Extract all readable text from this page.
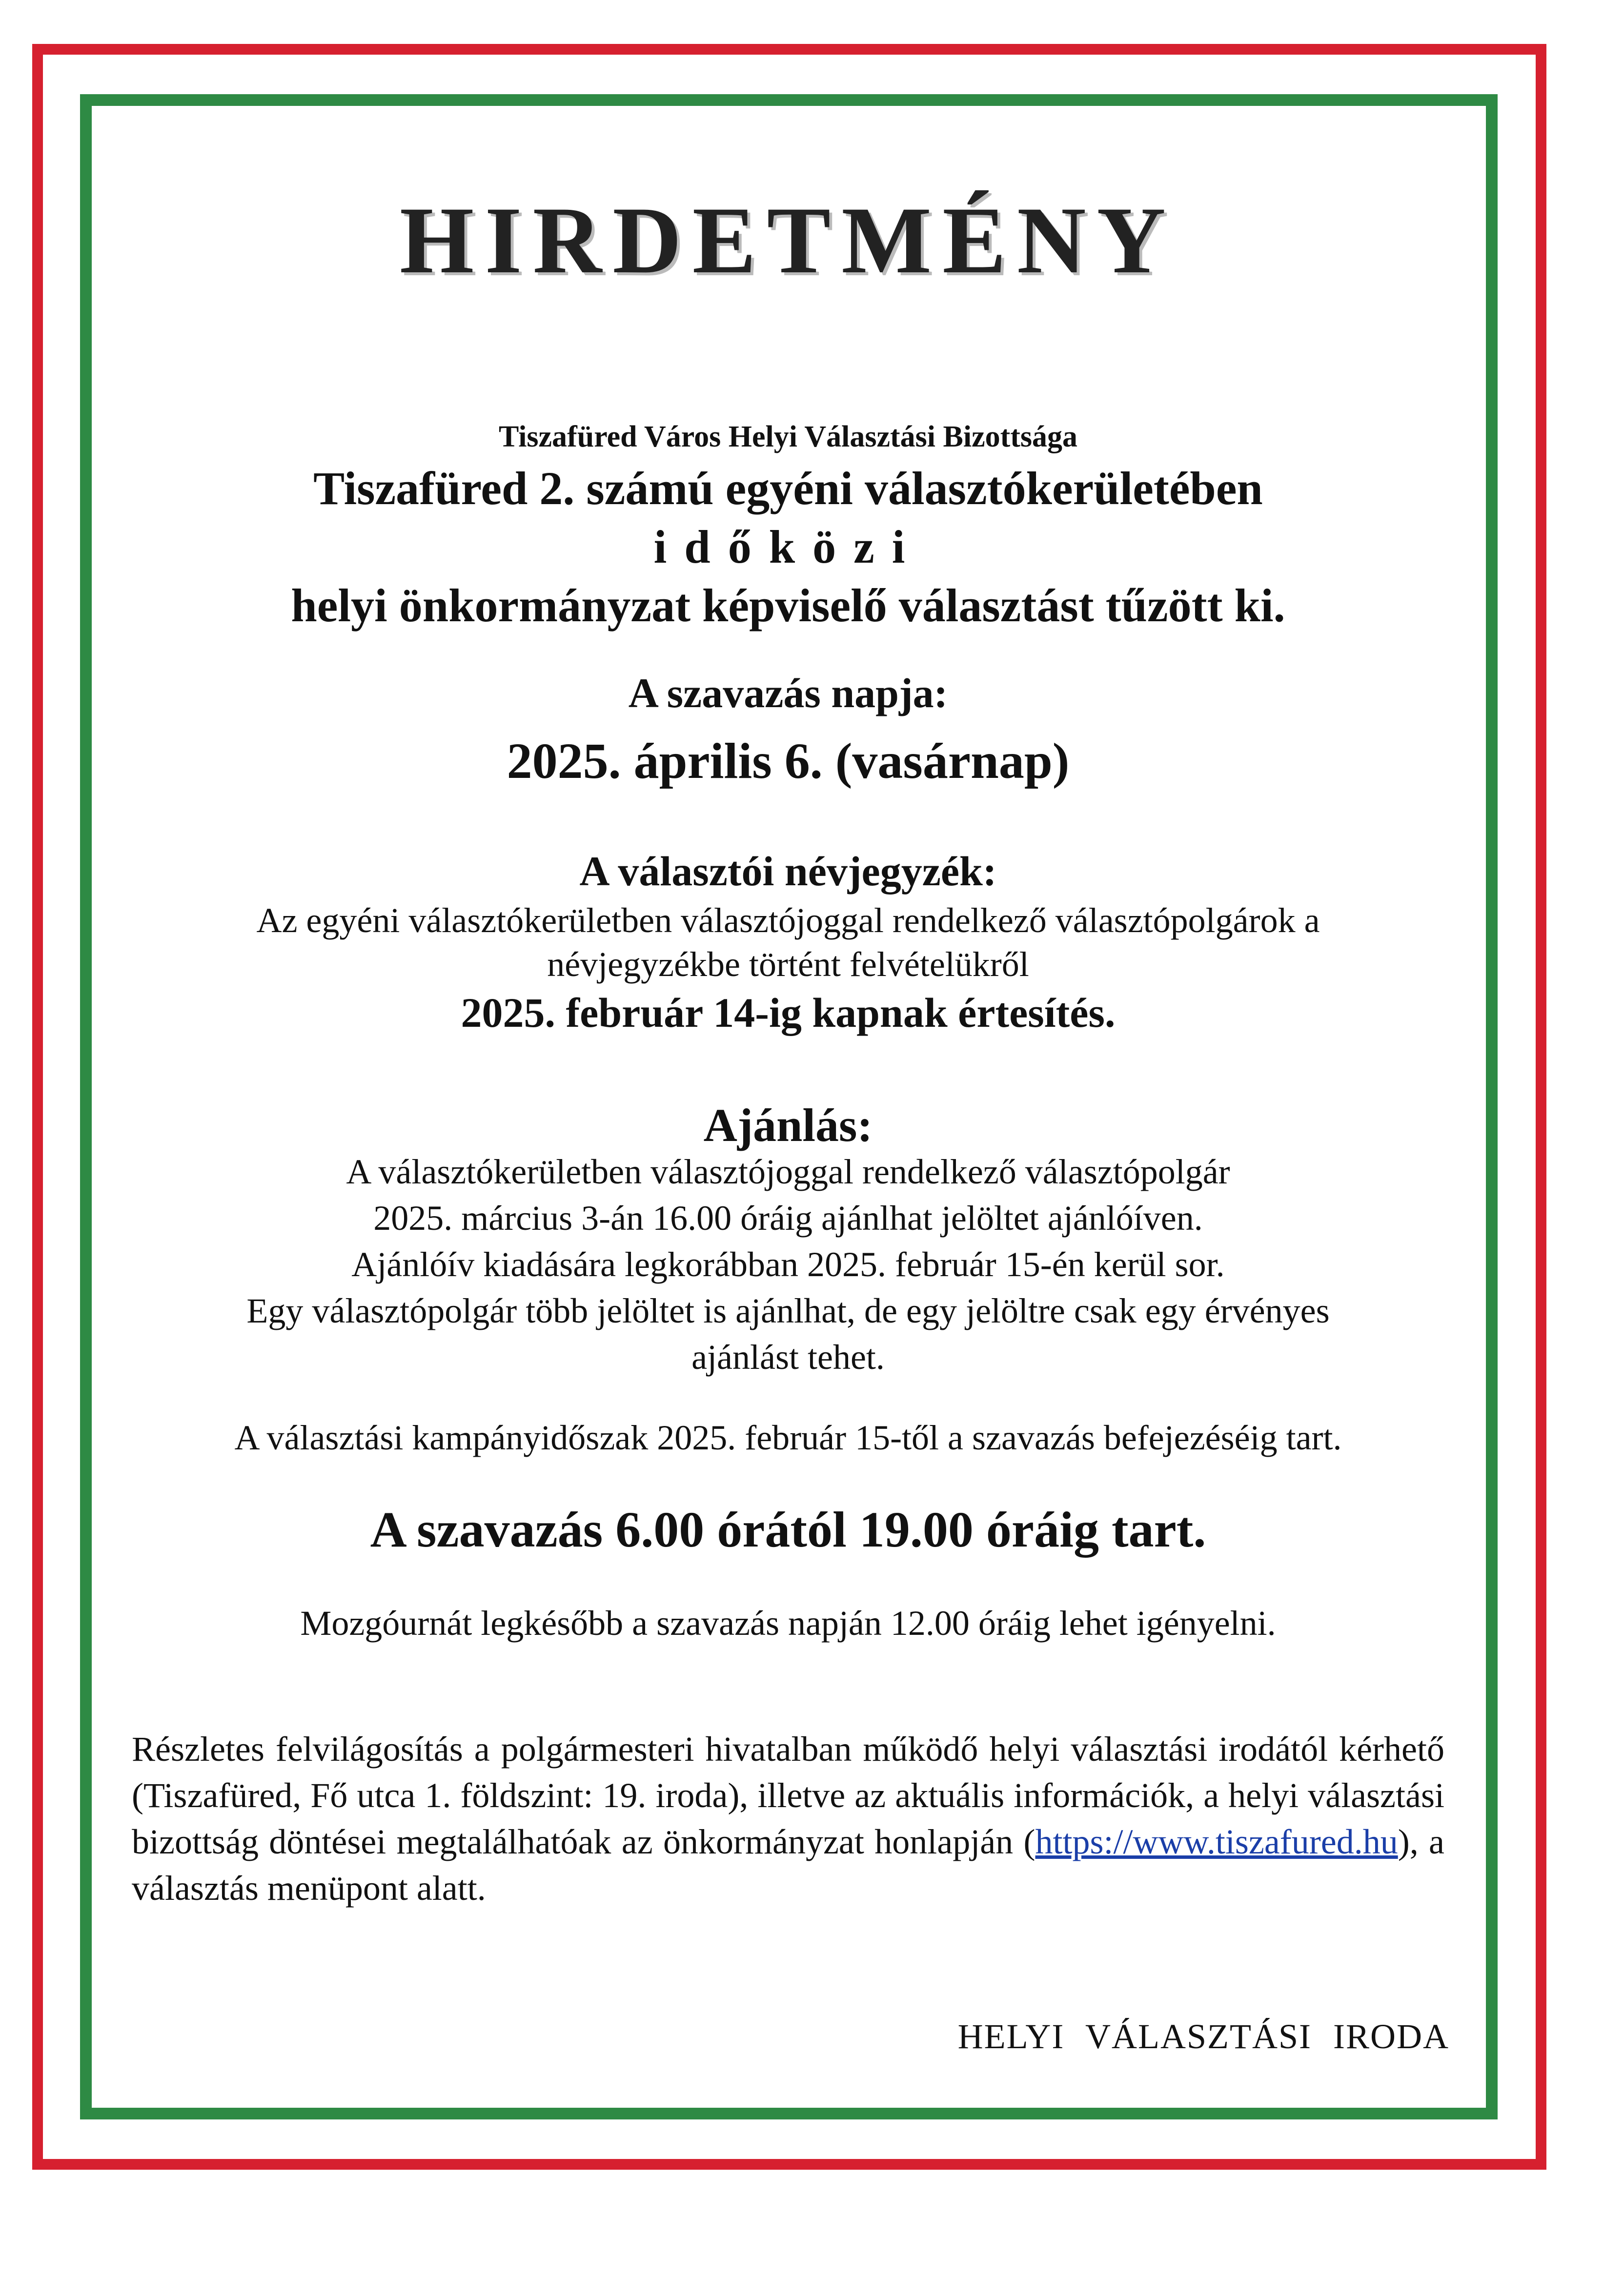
HIRDETMÉNY

Tiszafüred Város Helyi Választási Bizottsága

Tiszafüred 2. számú egyéni választókerületében

időközi

helyi önkormányzat képviselő választást tűzött ki.

A szavazás napja:

2025. április 6. (vasárnap)

A választói névjegyzék:

Az egyéni választókerületben választójoggal rendelkező választópolgárok a

névjegyzékbe történt felvételükről

2025. február 14-ig kapnak értesítés.

Ajánlás:

A választókerületben választójoggal rendelkező választópolgár

2025. március 3-án 16.00 óráig ajánlhat jelöltet ajánlóíven.

Ajánlóív kiadására legkorábban 2025. február 15-én kerül sor.

Egy választópolgár több jelöltet is ajánlhat, de egy jelöltre csak egy érvényes

ajánlást tehet.

A választási kampányidőszak 2025. február 15-től a szavazás befejezéséig tart.

A szavazás 6.00 órától 19.00 óráig tart.

Mozgóurnát legkésőbb a szavazás napján 12.00 óráig lehet igényelni.

Részletes felvilágosítás a polgármesteri hivatalban működő helyi választási irodától kérhető (Tiszafüred, Fő utca 1. földszint: 19. iroda), illetve az aktuális információk, a helyi választási bizottság döntései megtalálhatóak az önkormányzat honlapján (https://www.tiszafured.hu), a választás menüpont alatt.

HELYI VÁLASZTÁSI IRODA
